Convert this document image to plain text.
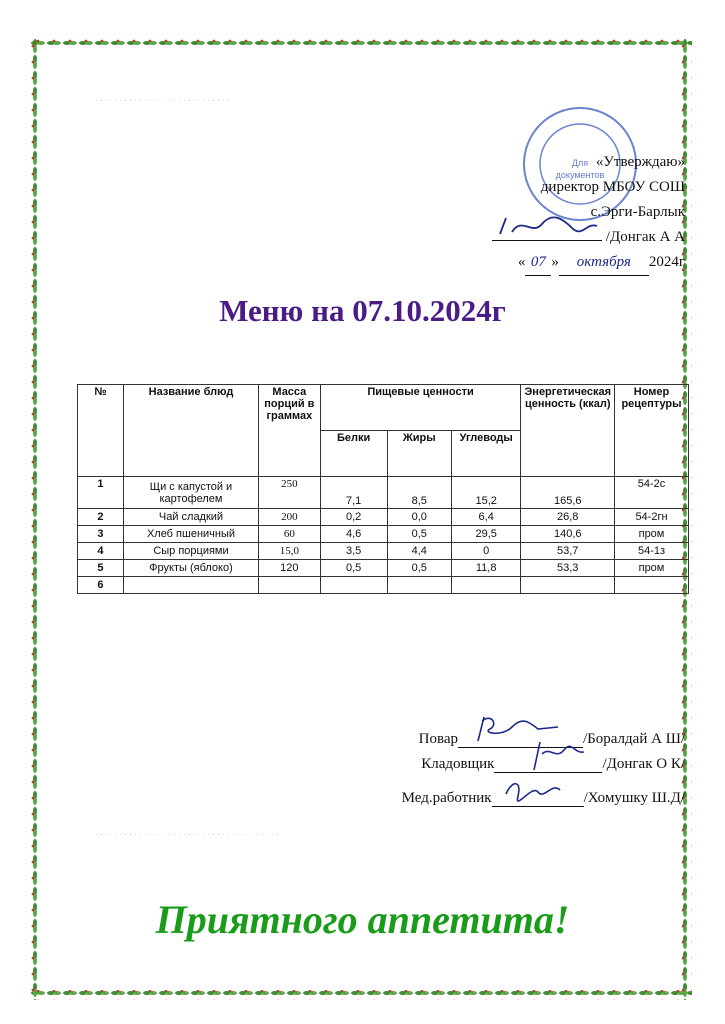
· · · · · · · · · · · · · · · · · · · · · · · · · · · ·
· · · · · · · · · · · · · · · · · · · · · · · · · · · · · · · · · · · · · ·
Для
документов
«Утверждаю»
директор МБОУ СОШ
с.Эрги-Барлык
/Донгак А А
« 07 » октября 2024г
Меню на 07.10.2024г
№	Название блюд	Масса порций в граммах	Пищевые ценности			Энергетическая ценность (ккал)	Номер рецептуры
			Белки	Жиры	Углеводы		
1	Щи с капустой и картофелем	250	7,1	8,5	15,2	165,6	54-2с
2	Чай сладкий	200	0,2	0,0	6,4	26,8	54-2гн
3	Хлеб пшеничный	60	4,6	0,5	29,5	140,6	пром
4	Сыр порциями	15,0	3,5	4,4	0	53,7	54-1з
5	Фрукты (яблоко)	120	0,5	0,5	11,8	53,3	пром
6							
Повар	/Боралдай А Ш/
Кладовщик	/Донгак О К/
Мед.работник	/Хомушку Ш.Д/
Приятного аппетита!
